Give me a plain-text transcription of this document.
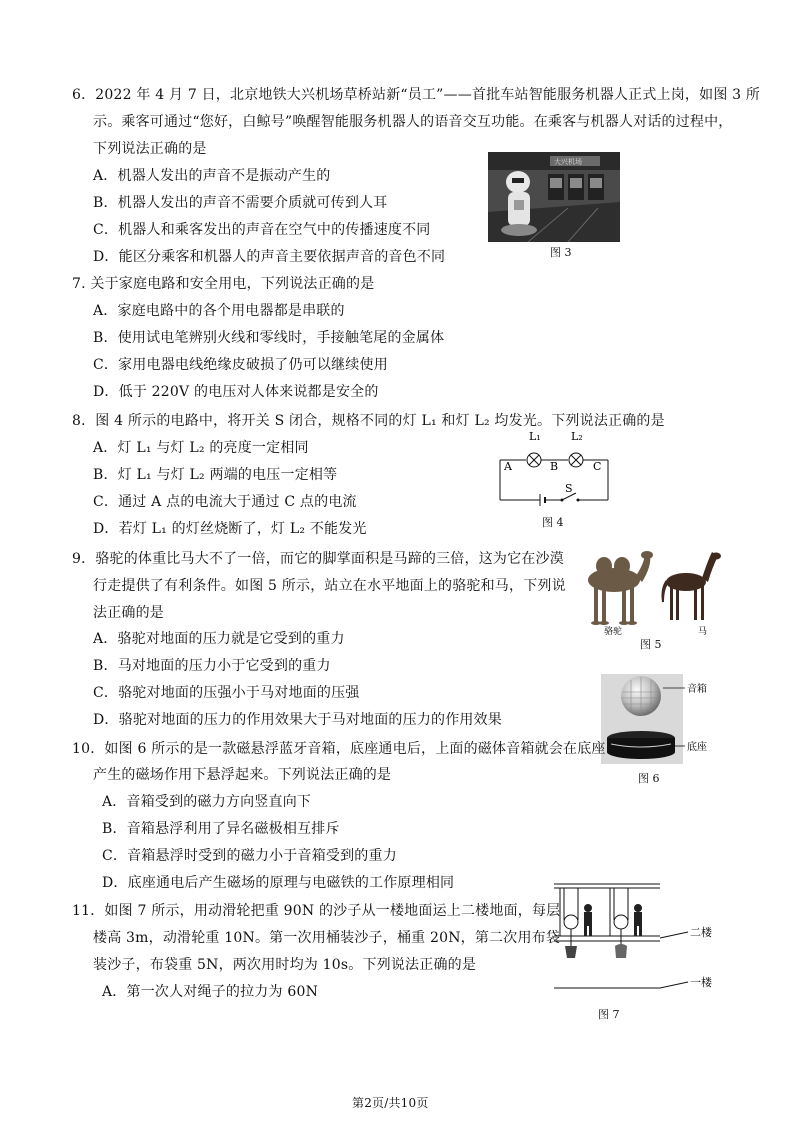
6．2022 年 4 月 7 日，北京地铁大兴机场草桥站新“员工”——首批车站智能服务机器人正式上岗，如图 3 所
示。乘客可通过“您好，白鲸号”唤醒智能服务机器人的语音交互功能。在乘客与机器人对话的过程中，
下列说法正确的是
A．机器人发出的声音不是振动产生的
B．机器人发出的声音不需要介质就可传到人耳
C．机器人和乘客发出的声音在空气中的传播速度不同
D．能区分乘客和机器人的声音主要依据声音的音色不同
大兴机场
图 3
7. 关于家庭电路和安全用电，下列说法正确的是
A．家庭电路中的各个用电器都是串联的
B．使用试电笔辨别火线和零线时，手接触笔尾的金属体
C．家用电器电线绝缘皮破损了仍可以继续使用
D．低于 220V 的电压对人体来说都是安全的
8．图 4 所示的电路中，将开关 S 闭合，规格不同的灯 L₁ 和灯 L₂ 均发光。下列说法正确的是
A．灯 L₁ 与灯 L₂ 的亮度一定相同
B．灯 L₁ 与灯 L₂ 两端的电压一定相等
C．通过 A 点的电流大于通过 C 点的电流
D．若灯 L₁ 的灯丝烧断了，灯 L₂ 不能发光
L₁	L₂
A	B	C
S
图 4
9．骆驼的体重比马大不了一倍，而它的脚掌面积是马蹄的三倍，这为它在沙漠
行走提供了有利条件。如图 5 所示，站立在水平地面上的骆驼和马，下列说
法正确的是
A．骆驼对地面的压力就是它受到的重力
B．马对地面的压力小于它受到的重力
C．骆驼对地面的压强小于马对地面的压强
D．骆驼对地面的压力的作用效果大于马对地面的压力的作用效果
骆驼	马
图 5
音箱
底座
图 6
10．如图 6 所示的是一款磁悬浮蓝牙音箱，底座通电后，上面的磁体音箱就会在底座
产生的磁场作用下悬浮起来。下列说法正确的是
A．音箱受到的磁力方向竖直向下
B．音箱悬浮利用了异名磁极相互排斥
C．音箱悬浮时受到的磁力小于音箱受到的重力
D．底座通电后产生磁场的原理与电磁铁的工作原理相同
11．如图 7 所示，用动滑轮把重 90N 的沙子从一楼地面运上二楼地面，每层
楼高 3m，动滑轮重 10N。第一次用桶装沙子，桶重 20N，第二次用布袋
装沙子，布袋重 5N，两次用时均为 10s。下列说法正确的是
A．第一次人对绳子的拉力为 60N
二楼
一楼
图 7
第2页/共10页
